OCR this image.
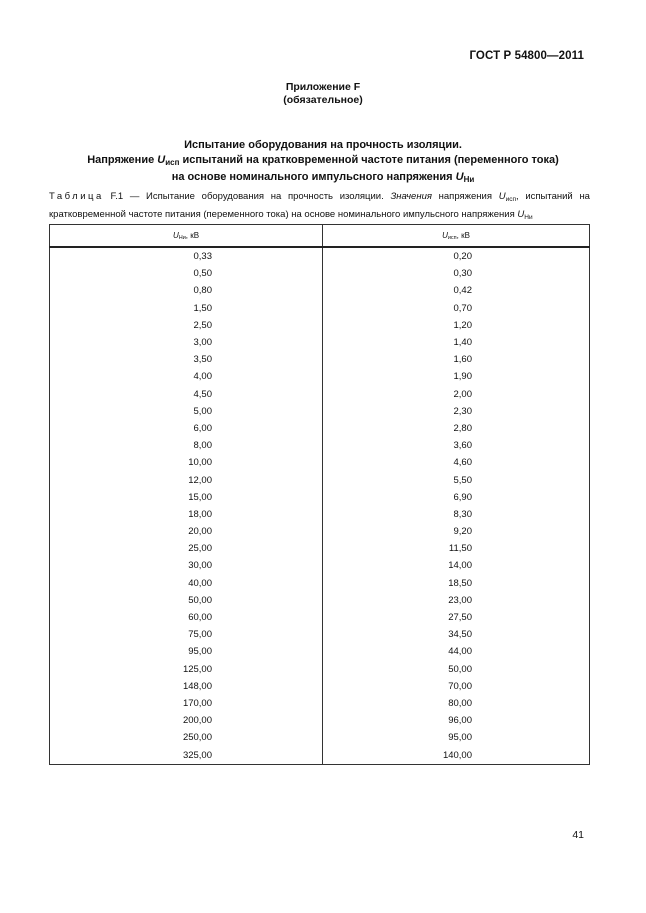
ГОСТ Р 54800—2011
Приложение F
(обязательное)
Испытание оборудования на прочность изоляции.
Напряжение $U_{исп}$ испытаний на кратковременной частоте питания (переменного тока)
на основе номинального импульсного напряжения $U_{Ни}$
Таблица F.1 — Испытание оборудования на прочность изоляции. Значения напряжения $U_{исп}$, испытаний на кратковременной частоте питания (переменного тока) на основе номинального импульсного напряжения $U_{Ни}$
$U_{Ни}$, кВ	$U_{исп}$, кВ
0,33	0,20
0,50	0,30
0,80	0,42
1,50	0,70
2,50	1,20
3,00	1,40
3,50	1,60
4,00	1,90
4,50	2,00
5,00	2,30
6,00	2,80
8,00	3,60
10,00	4,60
12,00	5,50
15,00	6,90
18,00	8,30
20,00	9,20
25,00	11,50
30,00	14,00
40,00	18,50
50,00	23,00
60,00	27,50
75,00	34,50
95,00	44,00
125,00	50,00
148,00	70,00
170,00	80,00
200,00	96,00
250,00	95,00
325,00	140,00
41
